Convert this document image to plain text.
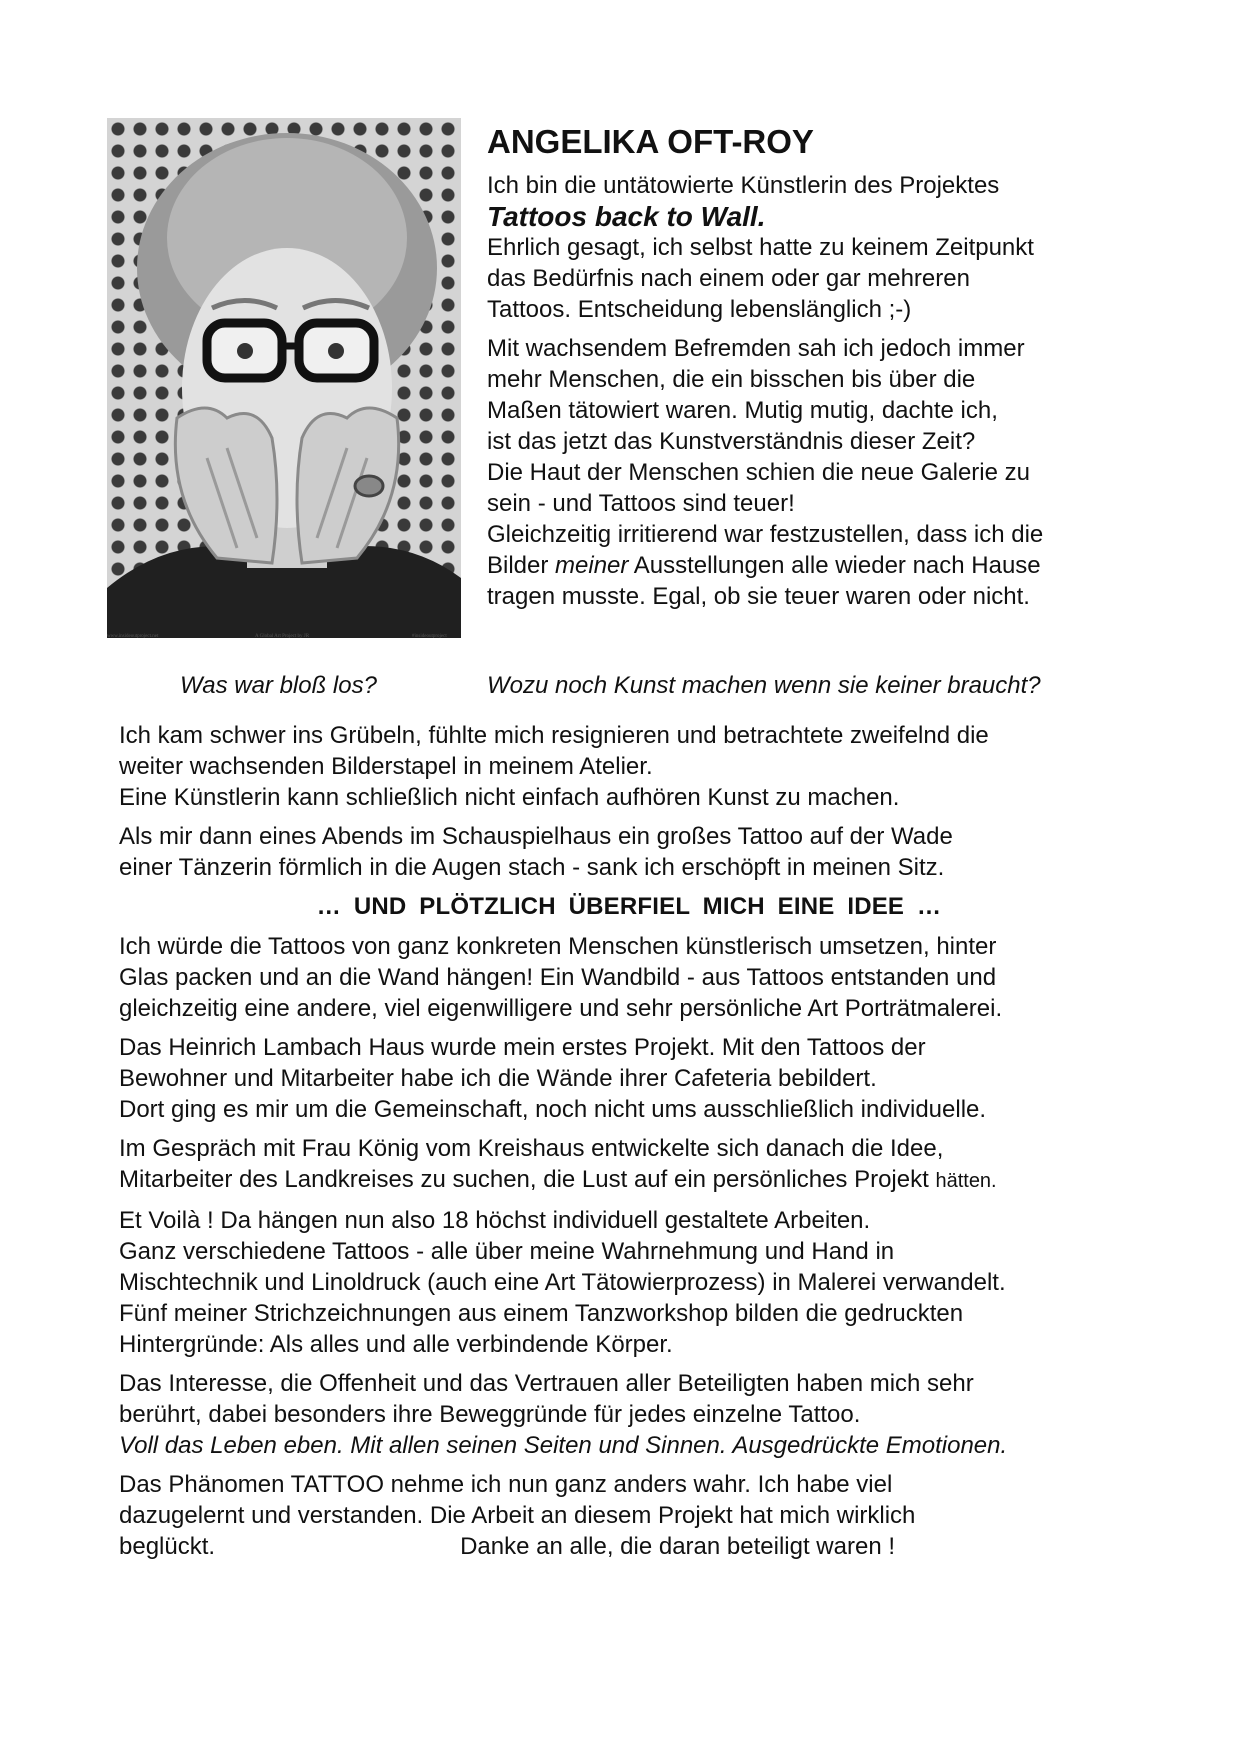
www.insideoutproject.net	A Global Art Project by JR	#insideoutproject
ANGELIKA OFT-ROY

Ich bin die untätowierte Künstlerin des Projektes
Tattoos back to Wall.
Ehrlich gesagt, ich selbst hatte zu keinem Zeitpunkt
das Bedürfnis nach einem oder gar mehreren
Tattoos. Entscheidung lebenslänglich ;-)

Mit wachsendem Befremden sah ich jedoch immer
mehr Menschen, die ein bisschen bis über die
Maßen tätowiert waren. Mutig mutig, dachte ich,
ist das jetzt das Kunstverständnis dieser Zeit?
Die Haut der Menschen schien die neue Galerie zu
sein - und Tattoos sind teuer!
Gleichzeitig irritierend war festzustellen, dass ich die
Bilder meiner Ausstellungen alle wieder nach Hause
tragen musste. Egal, ob sie teuer waren oder nicht.

Was war bloß los?	Wozu noch Kunst machen wenn sie keiner braucht?

Ich kam schwer ins Grübeln, fühlte mich resignieren und betrachtete zweifelnd die
weiter wachsenden Bilderstapel in meinem Atelier.
Eine Künstlerin kann schließlich nicht einfach aufhören Kunst zu machen.

Als mir dann eines Abends im Schauspielhaus ein großes Tattoo auf der Wade
einer Tänzerin förmlich in die Augen stach - sank ich erschöpft in meinen Sitz.

… UND PLÖTZLICH ÜBERFIEL MICH EINE IDEE …

Ich würde die Tattoos von ganz konkreten Menschen künstlerisch umsetzen, hinter
Glas packen und an die Wand hängen! Ein Wandbild - aus Tattoos entstanden und
gleichzeitig eine andere, viel eigenwilligere und sehr persönliche Art Porträtmalerei.

Das Heinrich Lambach Haus wurde mein erstes Projekt. Mit den Tattoos der
Bewohner und Mitarbeiter habe ich die Wände ihrer Cafeteria bebildert.
Dort ging es mir um die Gemeinschaft, noch nicht ums ausschließlich individuelle.

Im Gespräch mit Frau König vom Kreishaus entwickelte sich danach die Idee,
Mitarbeiter des Landkreises zu suchen, die Lust auf ein persönliches Projekt hätten.

Et Voilà ! Da hängen nun also 18 höchst individuell gestaltete Arbeiten.
Ganz verschiedene Tattoos - alle über meine Wahrnehmung und Hand in
Mischtechnik und Linoldruck (auch eine Art Tätowierprozess) in Malerei verwandelt.
Fünf meiner Strichzeichnungen aus einem Tanzworkshop bilden die gedruckten
Hintergründe: Als alles und alle verbindende Körper.

Das Interesse, die Offenheit und das Vertrauen aller Beteiligten haben mich sehr
berührt, dabei besonders ihre Beweggründe für jedes einzelne Tattoo.
Voll das Leben eben. Mit allen seinen Seiten und Sinnen. Ausgedrückte Emotionen.

Das Phänomen TATTOO nehme ich nun ganz anders wahr. Ich habe viel
dazugelernt und verstanden. Die Arbeit an diesem Projekt hat mich wirklich
beglückt.	Danke an alle, die daran beteiligt waren !
